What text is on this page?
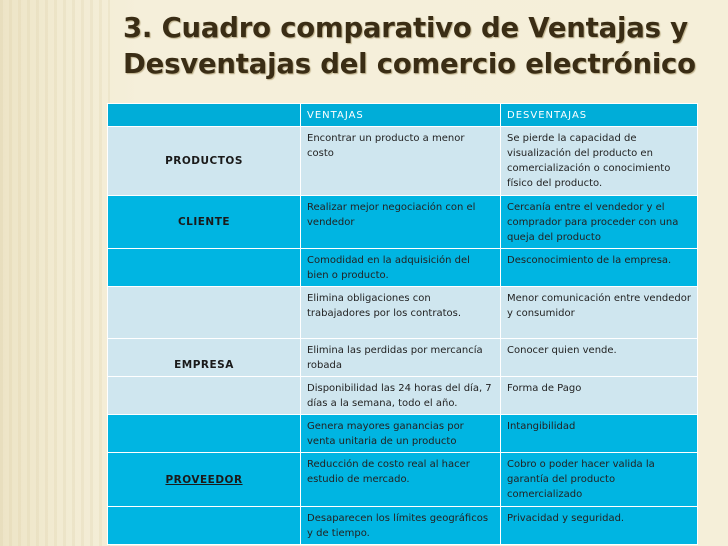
3. Cuadro comparativo de Ventajas y Desventajas del comercio electrónico
	VENTAJAS	DESVENTAJAS
PRODUCTOS	Encontrar un producto a menor costo	Se pierde la capacidad de visualización del producto en comercialización o conocimiento físico del producto.
CLIENTE	Realizar mejor negociación con el vendedor	Cercanía entre el vendedor y el comprador para proceder con una queja del producto
	Comodidad en la adquisición del bien o producto.	Desconocimiento de la empresa.
	Elimina obligaciones con trabajadores por los contratos.	Menor comunicación entre vendedor y consumidor
EMPRESA	Elimina las perdidas por mercancía robada	Conocer quien vende.
	Disponibilidad las 24 horas del día, 7 días a la semana, todo el año.	Forma de Pago
	Genera mayores ganancias por venta unitaria de un producto	Intangibilidad
PROVEEDOR	Reducción de costo real al hacer estudio de mercado.	Cobro o poder hacer valida la garantía del producto comercializado
	Desaparecen los límites geográficos y de tiempo.	Privacidad y seguridad.
